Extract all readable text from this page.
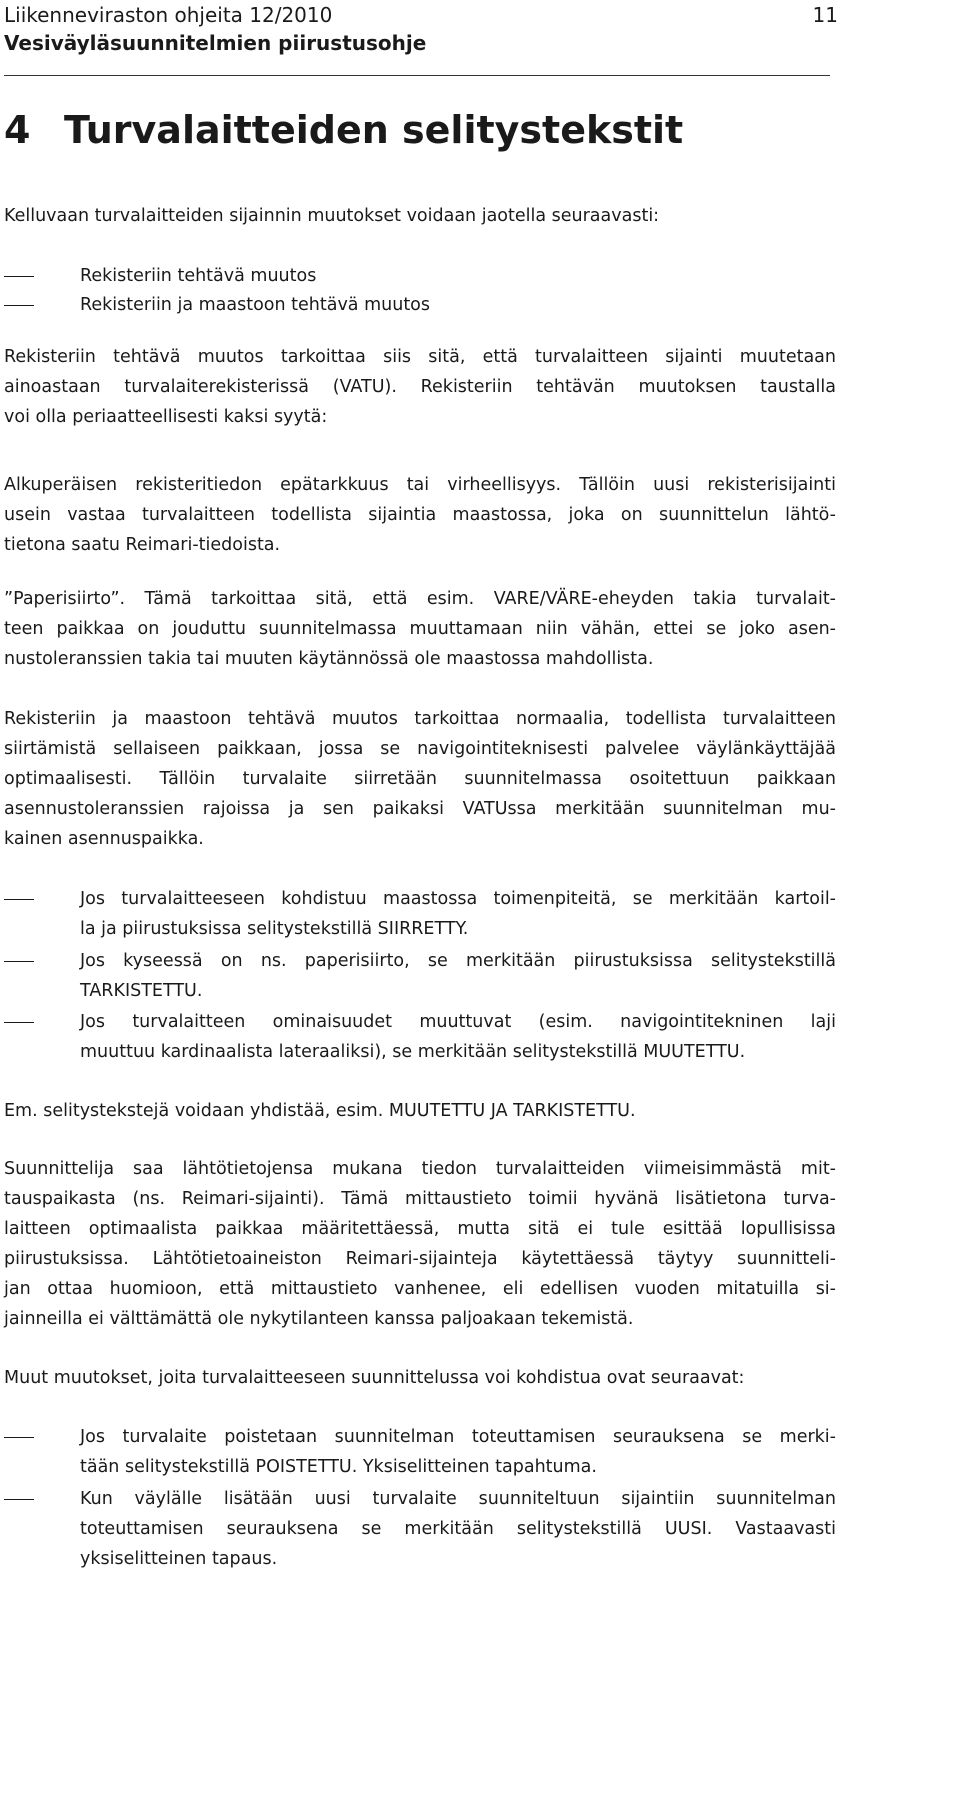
Liikenneviraston ohjeita 12/2010
Vesiväyläsuunnitelmien piirustusohje
11
4 Turvalaitteiden selitystekstit
Kelluvaan turvalaitteiden sijainnin muutokset voidaan jaotella seuraavasti:
Rekisteriin tehtävä muutos
Rekisteriin ja maastoon tehtävä muutos
Rekisteriin tehtävä muutos tarkoittaa siis sitä, että turvalaitteen sijainti muutetaan
ainoastaan turvalaiterekisterissä (VATU). Rekisteriin tehtävän muutoksen taustalla
voi olla periaatteellisesti kaksi syytä:
Alkuperäisen rekisteritiedon epätarkkuus tai virheellisyys. Tällöin uusi rekisterisijainti
usein vastaa turvalaitteen todellista sijaintia maastossa, joka on suunnittelun lähtö-
tietona saatu Reimari-tiedoista.
”Paperisiirto”. Tämä tarkoittaa sitä, että esim. VARE/VÄRE-eheyden takia turvalait-
teen paikkaa on jouduttu suunnitelmassa muuttamaan niin vähän, ettei se joko asen-
nustoleranssien takia tai muuten käytännössä ole maastossa mahdollista.
Rekisteriin ja maastoon tehtävä muutos tarkoittaa normaalia, todellista turvalaitteen
siirtämistä sellaiseen paikkaan, jossa se navigointiteknisesti palvelee väylänkäyttäjää
optimaalisesti. Tällöin turvalaite siirretään suunnitelmassa osoitettuun paikkaan
asennustoleranssien rajoissa ja sen paikaksi VATUssa merkitään suunnitelman mu-
kainen asennuspaikka.
Jos turvalaitteeseen kohdistuu maastossa toimenpiteitä, se merkitään kartoil-
la ja piirustuksissa selitystekstillä SIIRRETTY.
Jos kyseessä on ns. paperisiirto, se merkitään piirustuksissa selitystekstillä
TARKISTETTU.
Jos turvalaitteen ominaisuudet muuttuvat (esim. navigointitekninen laji
muuttuu kardinaalista lateraaliksi), se merkitään selitystekstillä MUUTETTU.
Em. selitystekstejä voidaan yhdistää, esim. MUUTETTU JA TARKISTETTU.
Suunnittelija saa lähtötietojensa mukana tiedon turvalaitteiden viimeisimmästä mit-
tauspaikasta (ns. Reimari-sijainti). Tämä mittaustieto toimii hyvänä lisätietona turva-
laitteen optimaalista paikkaa määritettäessä, mutta sitä ei tule esittää lopullisissa
piirustuksissa. Lähtötietoaineiston Reimari-sijainteja käytettäessä täytyy suunnitteli-
jan ottaa huomioon, että mittaustieto vanhenee, eli edellisen vuoden mitatuilla si-
jainneilla ei välttämättä ole nykytilanteen kanssa paljoakaan tekemistä.
Muut muutokset, joita turvalaitteeseen suunnittelussa voi kohdistua ovat seuraavat:
Jos turvalaite poistetaan suunnitelman toteuttamisen seurauksena se merki-
tään selitystekstillä POISTETTU. Yksiselitteinen tapahtuma.
Kun väylälle lisätään uusi turvalaite suunniteltuun sijaintiin suunnitelman
toteuttamisen seurauksena se merkitään selitystekstillä UUSI. Vastaavasti
yksiselitteinen tapaus.
